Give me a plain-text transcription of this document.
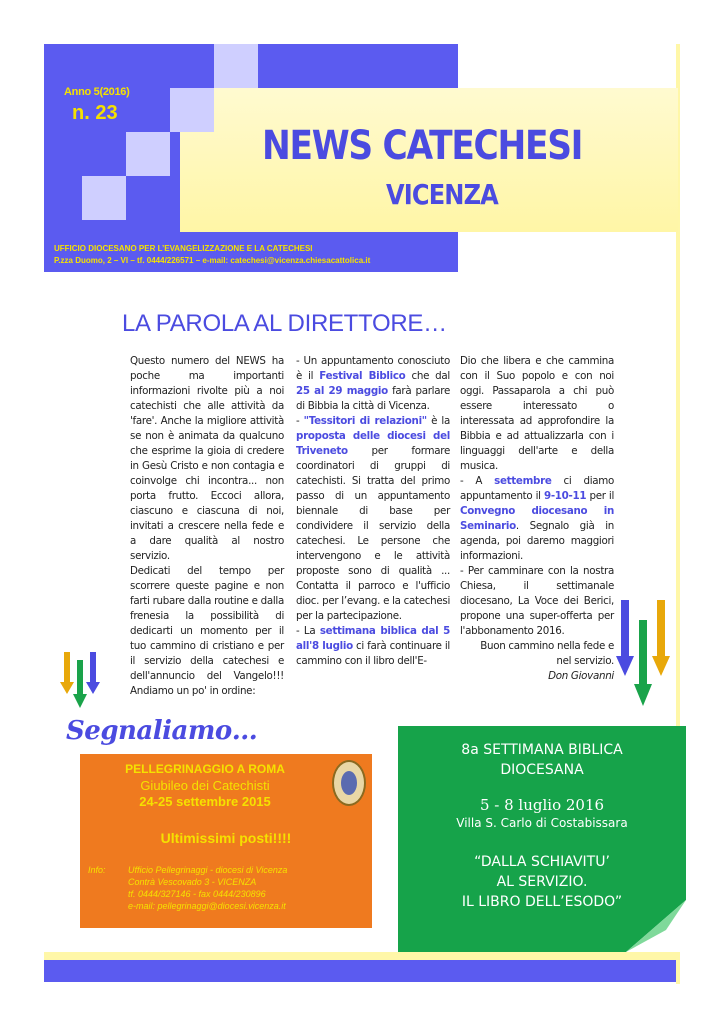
Anno 5(2016)
n. 23
NEWS CATECHESI
VICENZA
UFFICIO DIOCESANO PER L’EVANGELIZZAZIONE E LA CATECHESI
P.zza Duomo, 2 – VI – tf. 0444/226571 – e-mail: catechesi@vicenza.chiesacattolica.it
LA PAROLA AL DIRETTORE…

Questo numero del NEWS ha poche ma importanti informazioni rivolte più a noi catechisti che alle attività da 'fare'. Anche la migliore attività se non è animata da qualcuno che esprime la gioia di credere in Gesù Cristo e non contagia e coinvolge chi incontra... non porta frutto. Eccoci allora, ciascuno e ciascuna di noi, invitati a crescere nella fede e a dare qualità al nostro servizio.

Dedicati del tempo per scorrere queste pagine e non farti rubare dalla routine e dalla frenesia la possibilità di dedicarti un momento per il tuo cammino di cristiano e per il servizio della catechesi e dell'annuncio del Vangelo!!! Andiamo un po' in ordine:

- Un appuntamento conosciuto è il Festival Biblico che dal 25 al 29 maggio farà parlare di Bibbia la città di Vicenza.

- "Tessitori di relazioni" è la proposta delle diocesi del Triveneto per formare coordinatori di gruppi di catechisti. Si tratta del primo passo di un appuntamento biennale di base per condividere il servizio della catechesi. Le persone che intervengono e le attività proposte sono di qualità ... Contatta il parroco e l'ufficio dioc. per l’evang. e la catechesi per la partecipazione.

- La settimana biblica dal 5 all'8 luglio ci farà continuare il cammino con il libro dell'E-

Dio che libera e che cammina con il Suo popolo e con noi oggi. Passaparola a chi può essere interessato o interessata ad approfondire la Bibbia e ad attualizzarla con i linguaggi dell'arte e della musica.

- A settembre ci diamo appuntamento il 9-10-11 per il Convegno diocesano in Seminario. Segnalo già in agenda, poi daremo maggiori informazioni.

- Per camminare con la nostra Chiesa, il settimanale diocesano, La Voce dei Berici, propone una super-offerta per l'abbonamento 2016.

Buon cammino nella fede e nel servizio.

Don Giovanni

Segnaliamo…
PELLEGRINAGGIO A ROMA
Giubileo dei Catechisti
24-25 settembre 2015
Ultimissimi posti!!!!
Info: Ufficio Pellegrinaggi - diocesi di Vicenza
Contrà Vescovado 3 - VICENZA
tf. 0444/327146 - fax 0444/230896
e-mail: pellegrinaggi@diocesi.vicenza.it
8a SETTIMANA BIBLICA
DIOCESANA
5 - 8 luglio 2016
Villa S. Carlo di Costabissara
“DALLA SCHIAVITU’
AL SERVIZIO.
IL LIBRO DELL’ESODO”
